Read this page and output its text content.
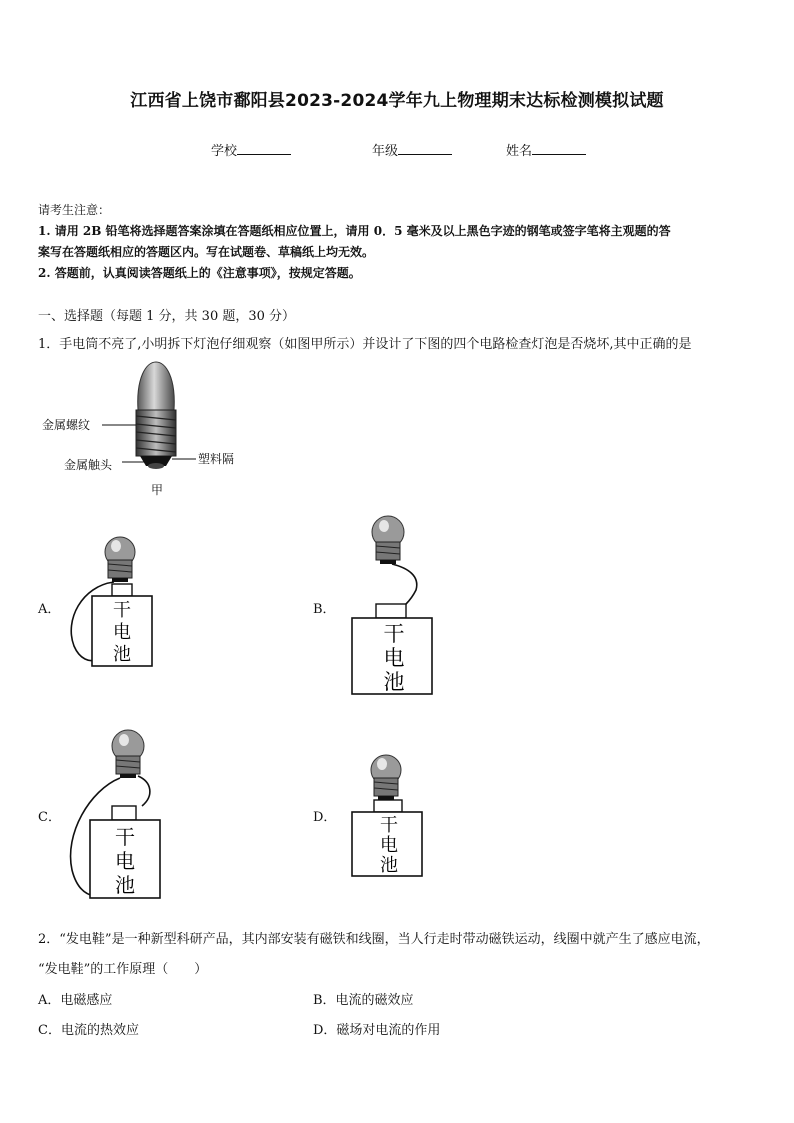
江西省上饶市鄱阳县2023-2024学年九上物理期末达标检测模拟试题
学校	年级	姓名
请考生注意：
1. 请用 2B 铅笔将选择题答案涂填在答题纸相应位置上，请用 0．5 毫米及以上黑色字迹的钢笔或签字笔将主观题的答
案写在答题纸相应的答题区内。写在试题卷、草稿纸上均无效。
2. 答题前，认真阅读答题纸上的《注意事项》，按规定答题。
一、选择题（每题 1 分，共 30 题，30 分）
1．手电筒不亮了,小明拆下灯泡仔细观察（如图甲所示）并设计了下图的四个电路检查灯泡是否烧坏,其中正确的是
金属螺纹
金属触头	塑料隔
甲
A．	B．
C．	D．
干
电
池
干
电
池
干
电
池
干
电
池
2．“发电鞋”是一种新型科研产品，其内部安装有磁铁和线圈，当人行走时带动磁铁运动，线圈中就产生了感应电流，
“发电鞋”的工作原理（　　）
A．电磁感应	B．电流的磁效应
C．电流的热效应	D．磁场对电流的作用
